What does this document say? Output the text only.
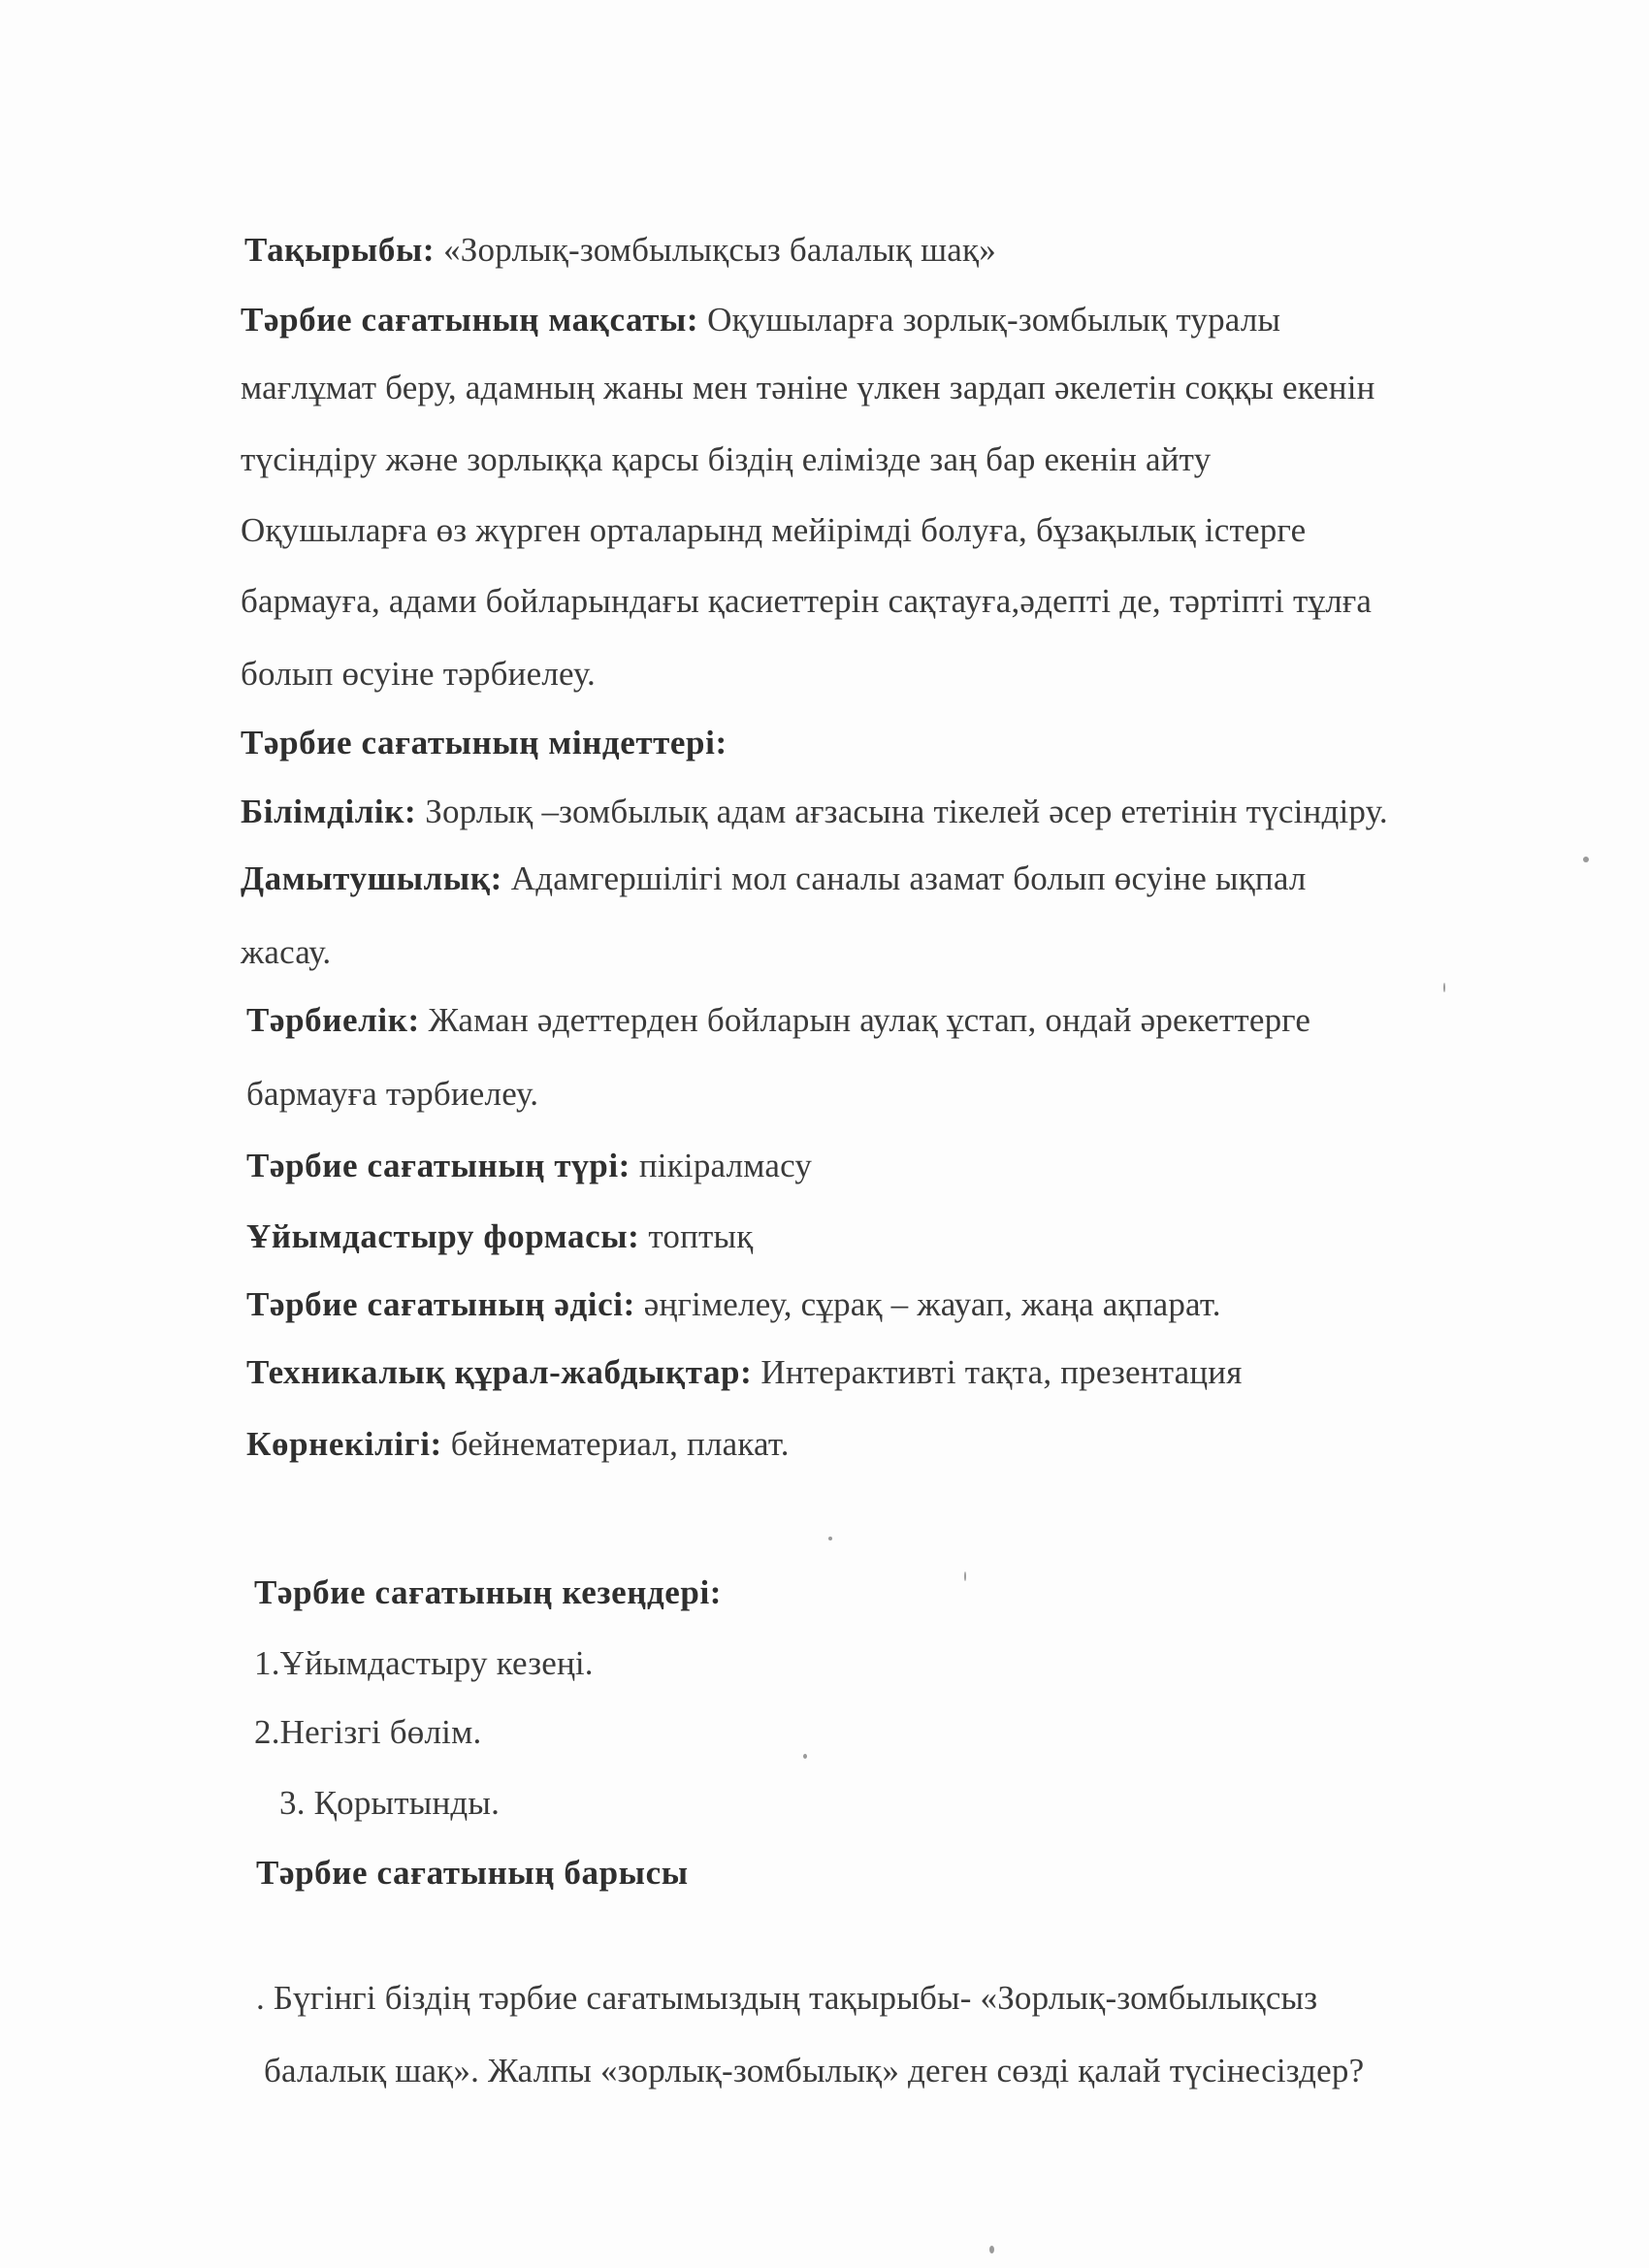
Тақырыбы: «Зорлық-зомбылықсыз балалық шақ»
Тәрбие сағатының мақсаты: Оқушыларға зорлық-зомбылық туралы
мағлұмат беру, адамның жаны мен тәніне үлкен зардап әкелетін соққы екенін
түсіндіру және зорлыққа қарсы біздің елімізде заң бар екенін айту
Оқушыларға өз жүрген орталарынд мейірімді болуға, бұзақылық істерге
бармауға, адами бойларындағы қасиеттерін сақтауға,әдепті де, тәртіпті тұлға
болып өсуіне тәрбиелеу.
Тәрбие сағатының міндеттері:
Білімділік: Зорлық –зомбылық адам ағзасына тікелей әсер ететінін түсіндіру.
Дамытушылық: Адамгершілігі мол саналы азамат болып өсуіне ықпал
жасау.
Тәрбиелік: Жаман әдеттерден бойларын аулақ ұстап, ондай әрекеттерге
бармауға тәрбиелеу.
Тәрбие сағатының түрі: пікіралмасу
Ұйымдастыру формасы: топтық
Тәрбие сағатының әдісі: әңгімелеу, сұрақ – жауап, жаңа ақпарат.
Техникалық құрал-жабдықтар: Интерактивті тақта, презентация
Көрнекілігі: бейнематериал, плакат.
Тәрбие сағатының кезеңдері:
1.Ұйымдастыру кезеңі.
2.Негізгі бөлім.
3. Қорытынды.
Тәрбие сағатының барысы
. Бүгінгі біздің тәрбие сағатымыздың тақырыбы- «Зорлық-зомбылықсыз
балалық шақ». Жалпы «зорлық-зомбылық» деген сөзді қалай түсінесіздер?
